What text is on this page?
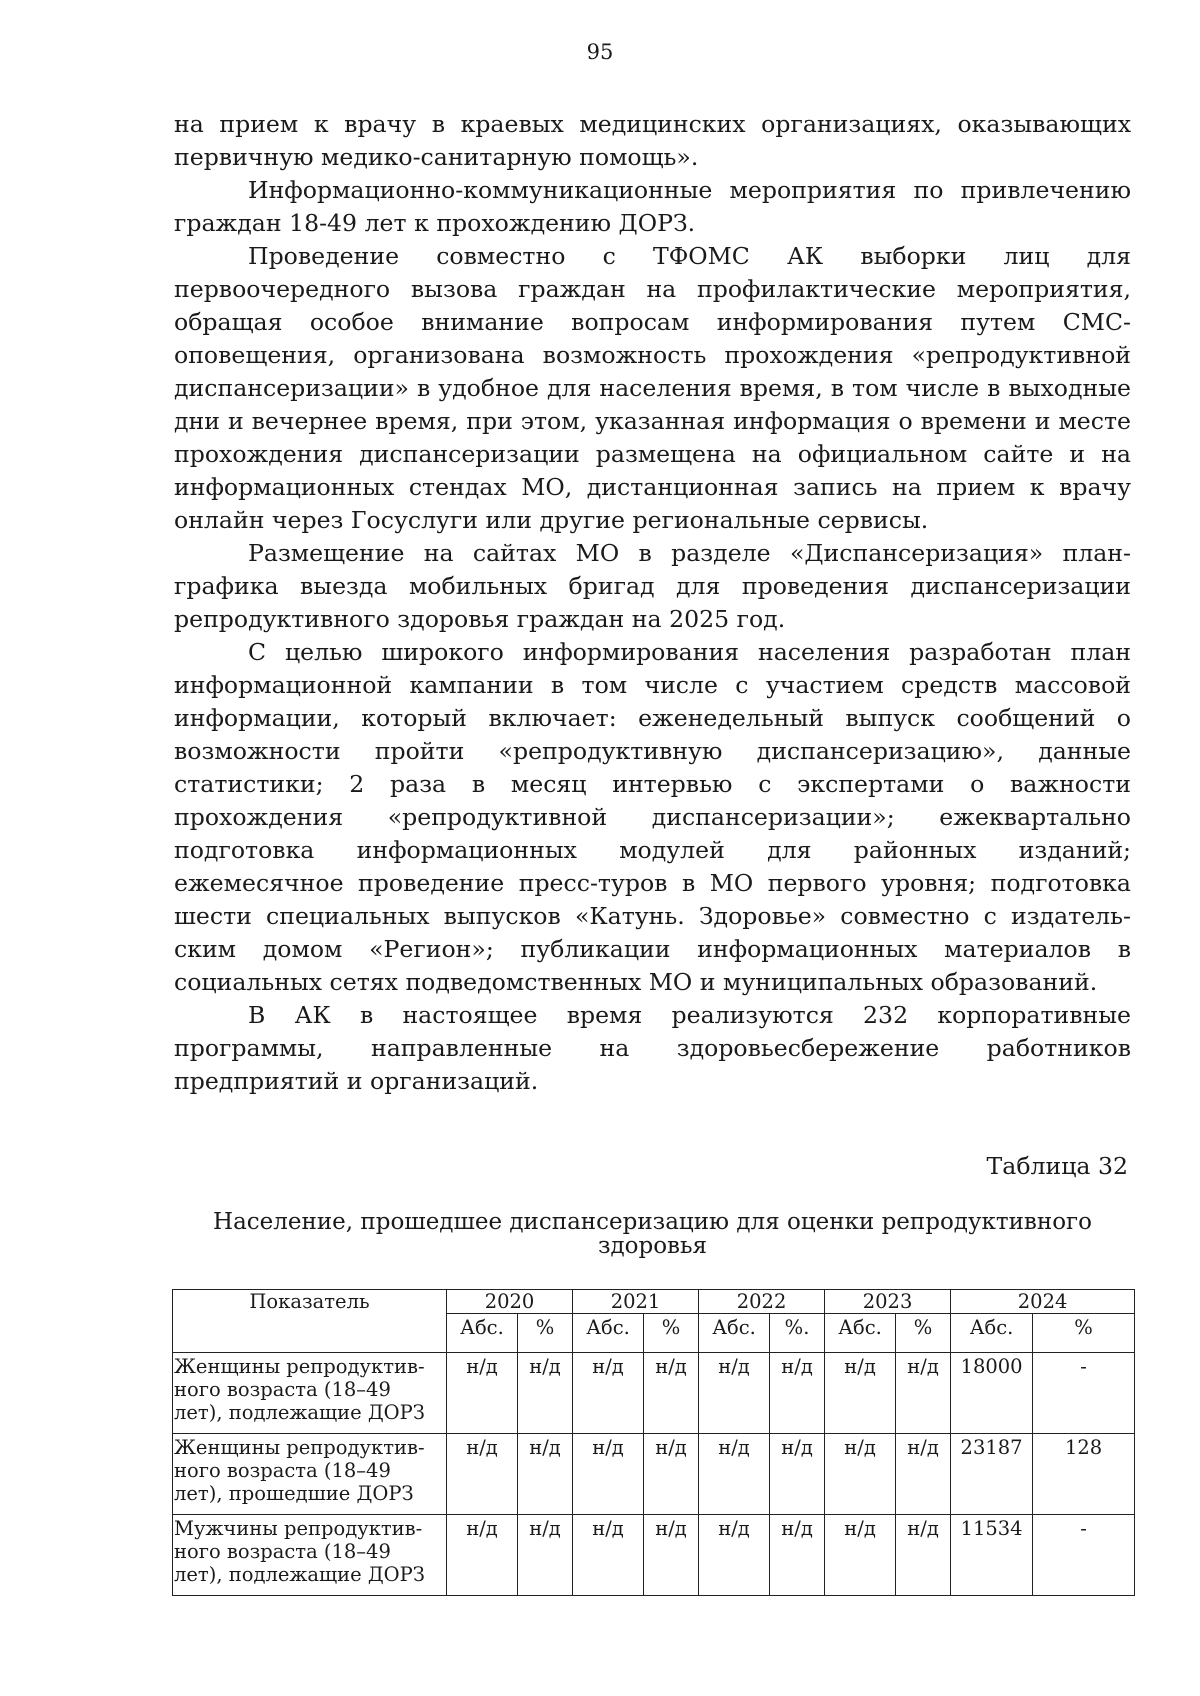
95

на прием к врачу в краевых медицинских организациях, оказывающих первичную медико-санитарную помощь».

Информационно-коммуникационные мероприятия по привлечению граждан 18-49 лет к прохождению ДОРЗ.

Проведение совместно с ТФОМС АК выборки лиц для первоочередного вызова граждан на профилактические мероприятия, обращая особое внимание вопросам информирования путем СМС-оповещения, организована возможность прохождения «репродуктивной диспансеризации» в удобное для населения время, в том числе в выходные дни и вечернее время, при этом, указанная информация о времени и месте прохождения диспансеризации размещена на официальном сайте и на информационных стендах МО, дистанционная запись на прием к врачу онлайн через Госуслуги или другие региональные сервисы.

Размещение на сайтах МО в разделе «Диспансеризация» план-графика выезда мобильных бригад для проведения диспансеризации репродуктивного здоровья граждан на 2025 год.

С целью широкого информирования населения разработан план информационной кампании в том числе с участием средств массовой информации, который включает: еженедельный выпуск сообщений о возможности пройти «репродуктивную диспансеризацию», данные статистики; 2 раза в месяц интервью с экспертами о важности прохождения «репродуктивной диспансеризации»; ежеквартально подготовка информационных модулей для районных изданий; ежемесячное проведение пресс-туров в МО первого уровня; подготовка шести специальных выпусков «Катунь. Здоровье» совместно с издательским домом «Регион»; публикации информационных материалов в социальных сетях подведомственных МО и муниципальных образований.

В АК в настоящее время реализуются 232 корпоративные программы, направленные на здоровьесбережение работников предприятий и организаций.

Таблица 32
Население, прошедшее диспансеризацию для оценки репродуктивного
здоровья
Показатель	2020		2021		2022		2023		2024	
	Абс.	%	Абс.	%	Абс.	%.	Абс.	%	Абс.	%
Женщины репродуктивного возраста (18–49 лет), подлежащие ДОРЗ	н/д	н/д	н/д	н/д	н/д	н/д	н/д	н/д	18000	-
Женщины репродуктивного возраста (18–49 лет), прошедшие ДОРЗ	н/д	н/д	н/д	н/д	н/д	н/д	н/д	н/д	23187	128
Мужчины репродуктивного возраста (18–49 лет), подлежащие ДОРЗ	н/д	н/д	н/д	н/д	н/д	н/д	н/д	н/д	11534	-
